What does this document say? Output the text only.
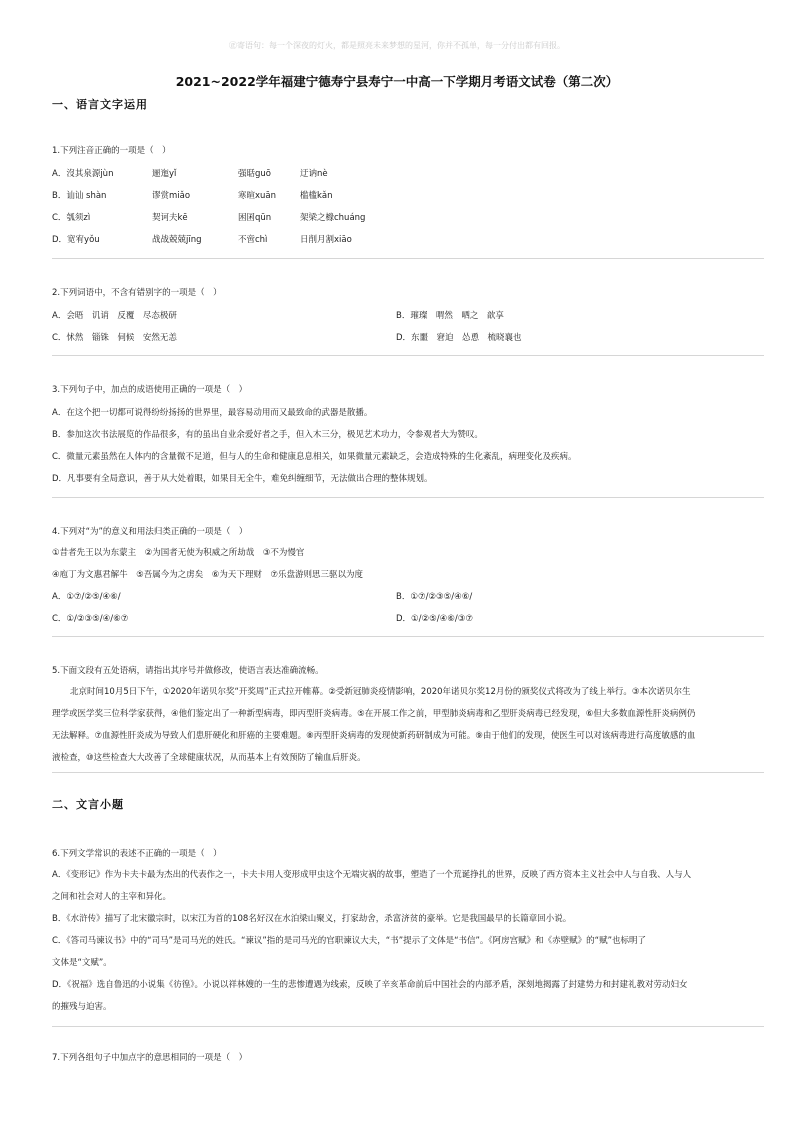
㊣寄语句：每一个深夜的灯火，都是照亮未来梦想的星河，你并不孤单，每一分付出都有回报。
2021~2022学年福建宁德寿宁县寿宁一中高一下学期月考语文试卷（第二次）
一、语言文字运用
1.下列注音正确的一项是（　）
A．沒其泉源jùn	逦迤yǐ	强聒guō	迂讷nè
B．讪讪 shàn	谬赏miǎo	寒暄xuān	槛槛kǎn
C．瓠须zì	契诃夫kē	困囷qūn	架梁之橼chuáng
D．宽宥yǒu	战战兢兢jīng	不啻chì	日削月割xiāo
2.下列词语中，不含有错别字的一项是（　）
A．会晤　讥诮　反覆　尽态极研	B．璀璨　喟然　哂之　歆享
C．怵然　锱铢　伺候　安然无恙	D．东噩　窘迫　怂恿　梳晓襄也
3.下列句子中，加点的成语使用正确的一项是（　）
A．在这个把一切都可说得纷纷扬扬的世界里，最容易动用而又最致命的武器是散播。
B．参加这次书法展览的作品很多，有的虽出自业余爱好者之手，但入木三分，极见艺术功力，令参观者大为赞叹。
C．微量元素虽然在人体内的含量微不足道，但与人的生命和健康息息相关，如果微量元素缺乏，会造成特殊的生化紊乱，病理变化及疾病。
D．凡事要有全局意识，善于从大处着眼，如果目无全牛，难免纠缠细节，无法做出合理的整体规划。
4.下列对“为”的意义和用法归类正确的一项是（　）
①昔者先王以为东蒙主　②为国者无使为积威之所劫哉　③不为慢官
④庖丁为文惠君解牛　⑤吾属今为之虏矣　⑥为天下理财　⑦乐盘游则思三驱以为度
A．①⑦/②⑤/④⑥/	B．①⑦/②③⑤/④⑥/
C．①/②③⑤/④/⑥⑦	D．①/②⑤/④⑥/③⑦
5.下面文段有五处语病，请指出其序号并做修改，使语言表达准确流畅。
北京时间10月5日下午，①2020年诺贝尔奖“开奖周”正式拉开帷幕。②受新冠肺炎疫情影响，2020年诺贝尔奖12月份的颁奖仪式将改为了线上举行。③本次诺贝尔生
理学或医学奖三位科学家获得，④他们鉴定出了一种新型病毒，即丙型肝炎病毒。⑤在开展工作之前，甲型肺炎病毒和乙型肝炎病毒已经发现，⑥但大多数血源性肝炎病例仍
无法解释。⑦血源性肝炎成为导致人们患肝硬化和肝癌的主要难题。⑧丙型肝炎病毒的发现使新药研制成为可能。⑨由于他们的发现，使医生可以对该病毒进行高度敏感的血
液检查，⑩这些检查大大改善了全球健康状况，从而基本上有效预防了输血后肝炎。
二、文言小题
6.下列文学常识的表述不正确的一项是（　）
A．《变形记》作为卡夫卡最为杰出的代表作之一，卡夫卡用人变形成甲虫这个无端灾祸的故事，塑造了一个荒诞挣扎的世界，反映了西方资本主义社会中人与自我、人与人
之间和社会对人的主宰和异化。
B．《水浒传》描写了北宋徽宗时，以宋江为首的108名好汉在水泊梁山聚义，打家劫舍，杀富济贫的豪举。它是我国最早的长篇章回小说。
C．《答司马谏议书》中的“司马”是司马光的姓氏。“谏议”指的是司马光的官职谏议大夫，“书”提示了文体是“书信”。《阿房宫赋》和《赤壁赋》的“赋”也标明了
文体是“文赋”。
D．《祝福》选自鲁迅的小说集《彷徨》。小说以祥林嫂的一生的悲惨遭遇为线索，反映了辛亥革命前后中国社会的内部矛盾，深刻地揭露了封建势力和封建礼教对劳动妇女
的摧残与迫害。
7.下列各组句子中加点字的意思相同的一项是（　）
